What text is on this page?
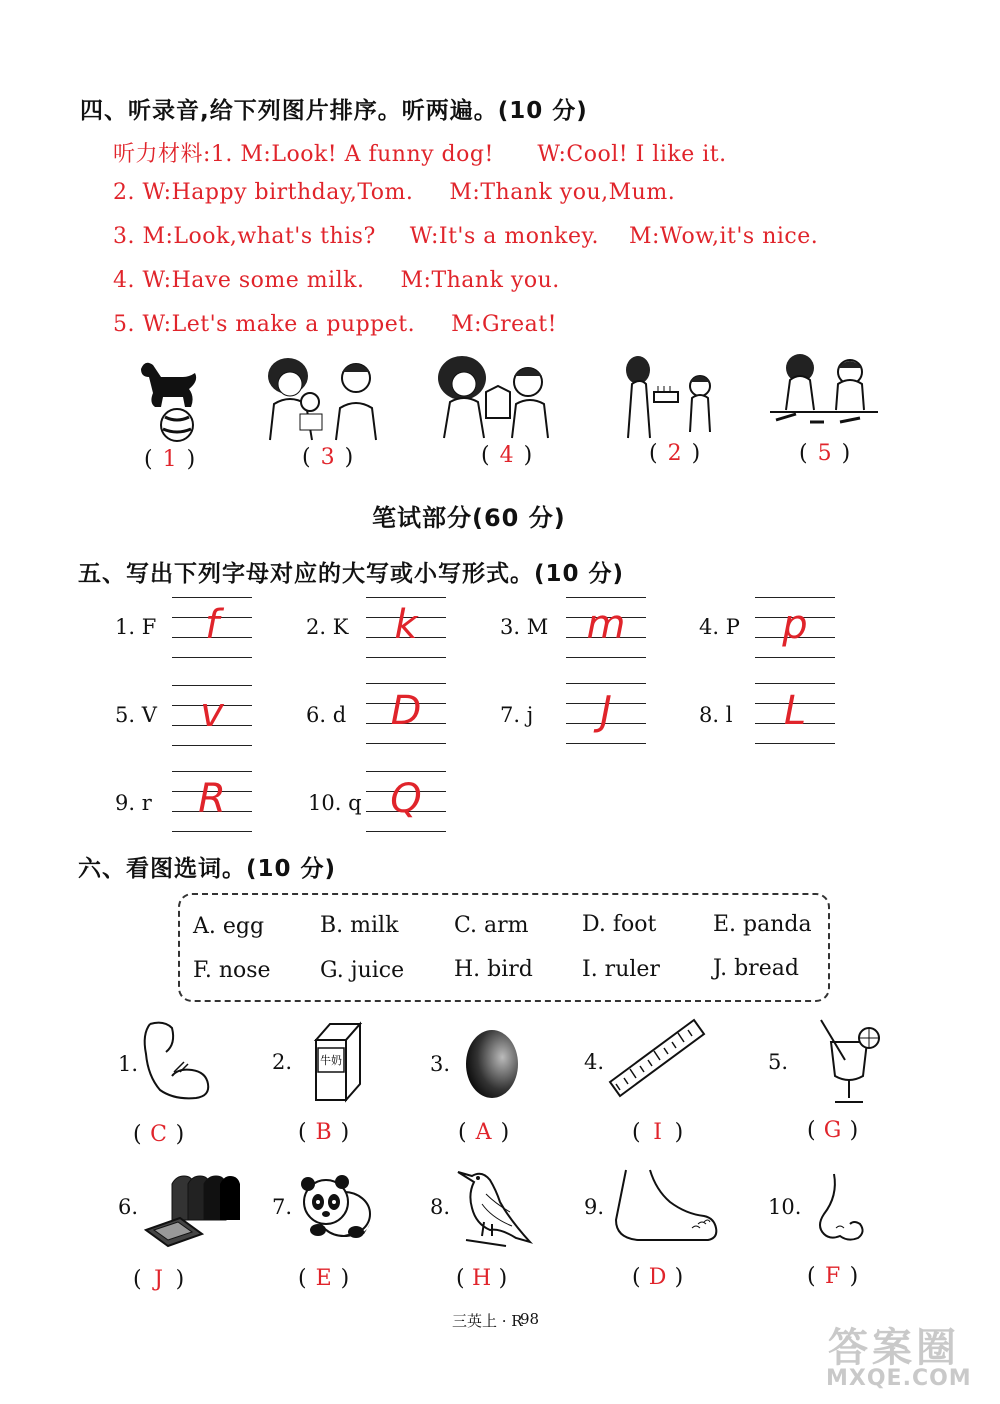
四、听录音,给下列图片排序。听两遍。(10 分)
听力材料:1. M:Look! A funny dog! W:Cool! I like it.
2. W:Happy birthday,Tom. M:Thank you,Mum.
3. M:Look,what's this? W:It's a monkey. M:Wow,it's nice.
4. W:Have some milk. M:Thank you.
5. W:Let's make a puppet. M:Great!
( 1 )	( 3 )	( 4 )	( 2 )	( 5 )
笔试部分(60 分)
五、写出下列字母对应的大写或小写形式。(10 分)
1. F	f	2. K	k	3. M m	4. P	p
5. V	v	6. d	D	7. j	J	8. l	L
9. r	R	10. q Q
六、看图选词。(10 分)
A. egg	B. milk	C. arm D. foot	E. panda
F. nose G. juice H. bird I. ruler J. bread
1.	2.	牛奶	3.	4.	5.
( C )	( B )	( A )	( I )	( G )
6.	7.	8.	9.	10.
( J )	( E )	( H )	( D )	( F )
三英上 · R
98
答案圈
MXQE.COM
